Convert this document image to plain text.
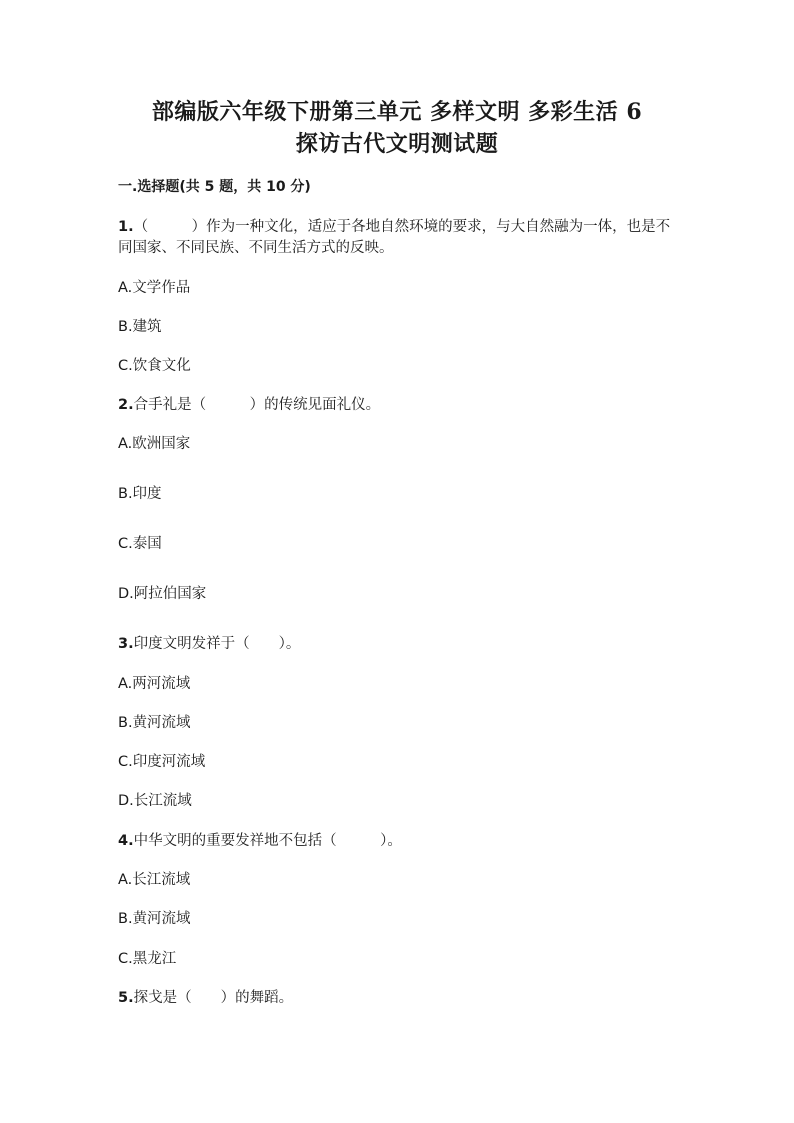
部编版六年级下册第三单元 多样文明 多彩生活 6
探访古代文明测试题
一.选择题(共 5 题，共 10 分)
1.（　　　）作为一种文化，适应于各地自然环境的要求，与大自然融为一体，也是不同国家、不同民族、不同生活方式的反映。
A.文学作品
B.建筑
C.饮食文化
2.合手礼是（　　　）的传统见面礼仪。
A.欧洲国家
B.印度
C.泰国
D.阿拉伯国家
3.印度文明发祥于（　　）。
A.两河流域
B.黄河流域
C.印度河流域
D.长江流域
4.中华文明的重要发祥地不包括（　　　）。
A.长江流域
B.黄河流域
C.黑龙江
5.探戈是（　　）的舞蹈。
